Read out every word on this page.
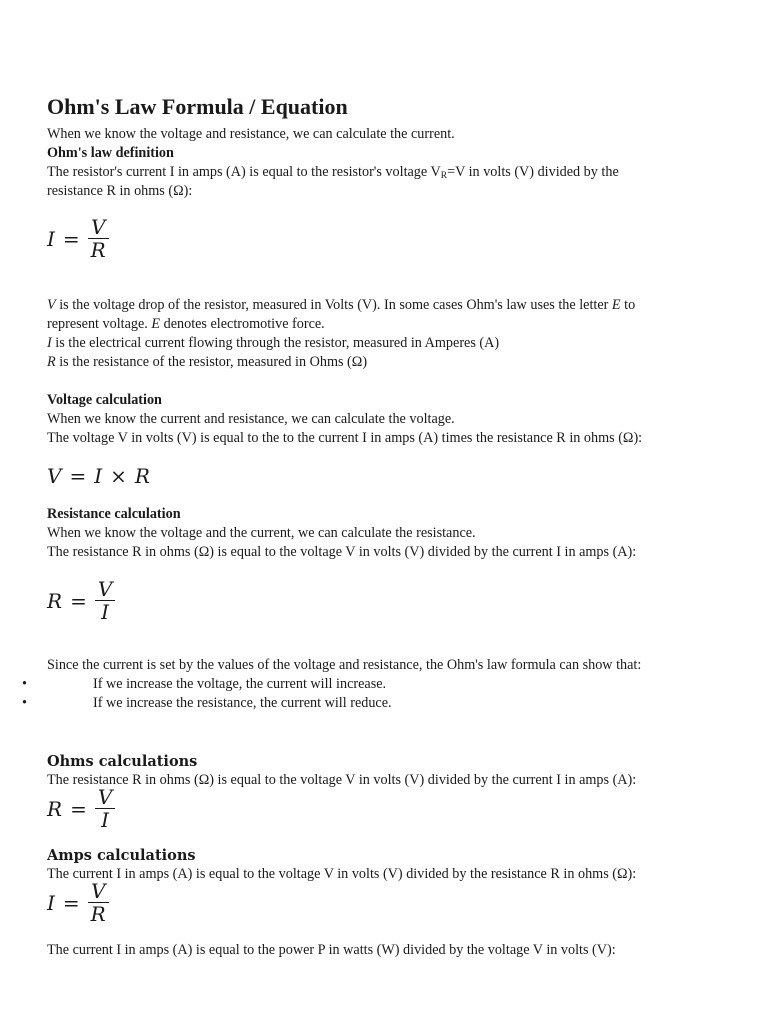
Ohm's Law Formula / Equation
When we know the voltage and resistance, we can calculate the current.
Ohm's law definition
The resistor's current I in amps (A) is equal to the resistor's voltage VR=V in volts (V) divided by the
resistance R in ohms (Ω):
$I = \frac{V}{R}$
V is the voltage drop of the resistor, measured in Volts (V). In some cases Ohm's law uses the letter E to
represent voltage. E denotes electromotive force.
I is the electrical current flowing through the resistor, measured in Amperes (A)
R is the resistance of the resistor, measured in Ohms (Ω)
Voltage calculation
When we know the current and resistance, we can calculate the voltage.
The voltage V in volts (V) is equal to the to the current I in amps (A) times the resistance R in ohms (Ω):
V = I × R
Resistance calculation
When we know the voltage and the current, we can calculate the resistance.
The resistance R in ohms (Ω) is equal to the voltage V in volts (V) divided by the current I in amps (A):
$R = \frac{V}{I}$
Since the current is set by the values of the voltage and resistance, the Ohm's law formula can show that:
•	If we increase the voltage, the current will increase.
•	If we increase the resistance, the current will reduce.
Ohms calculations
The resistance R in ohms (Ω) is equal to the voltage V in volts (V) divided by the current I in amps (A):
$R = \frac{V}{I}$
Amps calculations
The current I in amps (A) is equal to the voltage V in volts (V) divided by the resistance R in ohms (Ω):
$I = \frac{V}{R}$
The current I in amps (A) is equal to the power P in watts (W) divided by the voltage V in volts (V):
